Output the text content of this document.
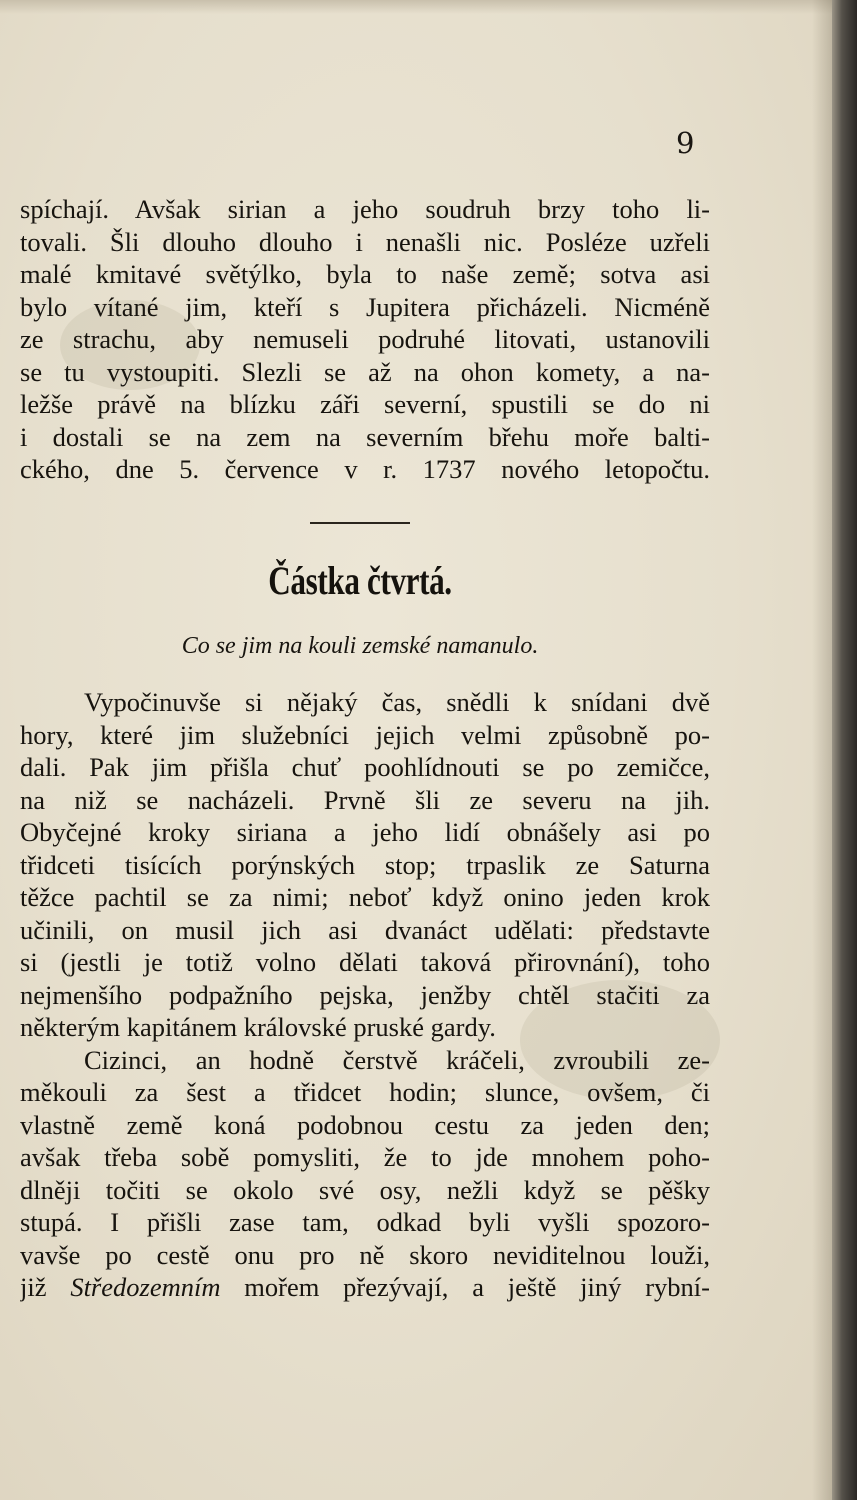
9
spíchají. Avšak sirian a jeho soudruh brzy toho li-
tovali. Šli dlouho dlouho i nenašli nic. Posléze uzřeli
malé kmitavé světýlko, byla to naše země; sotva asi
bylo vítané jim, kteří s Jupitera přicházeli. Nicméně
ze strachu, aby nemuseli podruhé litovati, ustanovili
se tu vystoupiti. Slezli se až na ohon komety, a na-
ležše právě na blízku záři severní, spustili se do ni
i dostali se na zem na severním břehu moře balti-
ckého, dne 5. července v r. 1737 nového letopočtu.
Částka čtvrtá.
Co se jim na kouli zemské namanulo.
Vypočinuvše si nějaký čas, snědli k snídani dvě
hory, které jim služebníci jejich velmi způsobně po-
dali. Pak jim přišla chuť poohlídnouti se po zemičce,
na niž se nacházeli. Prvně šli ze severu na jih.
Obyčejné kroky siriana a jeho lidí obnášely asi po
třidceti tisících porýnských stop; trpaslik ze Saturna
těžce pachtil se za nimi; neboť když onino jeden krok
učinili, on musil jich asi dvanáct udělati: představte
si (jestli je totiž volno dělati taková přirovnání), toho
nejmenšího podpažního pejska, jenžby chtěl stačiti za
některým kapitánem královské pruské gardy.
Cizinci, an hodně čerstvě kráčeli, zvroubili ze-
měkouli za šest a třidcet hodin; slunce, ovšem, či
vlastně země koná podobnou cestu za jeden den;
avšak třeba sobě pomysliti, že to jde mnohem poho-
dlněji točiti se okolo své osy, nežli když se pěšky
stupá. I přišli zase tam, odkad byli vyšli spozoro-
vavše po cestě onu pro ně skoro neviditelnou louži,
již Středozemním mořem přezývají, a ještě jiný rybní-
